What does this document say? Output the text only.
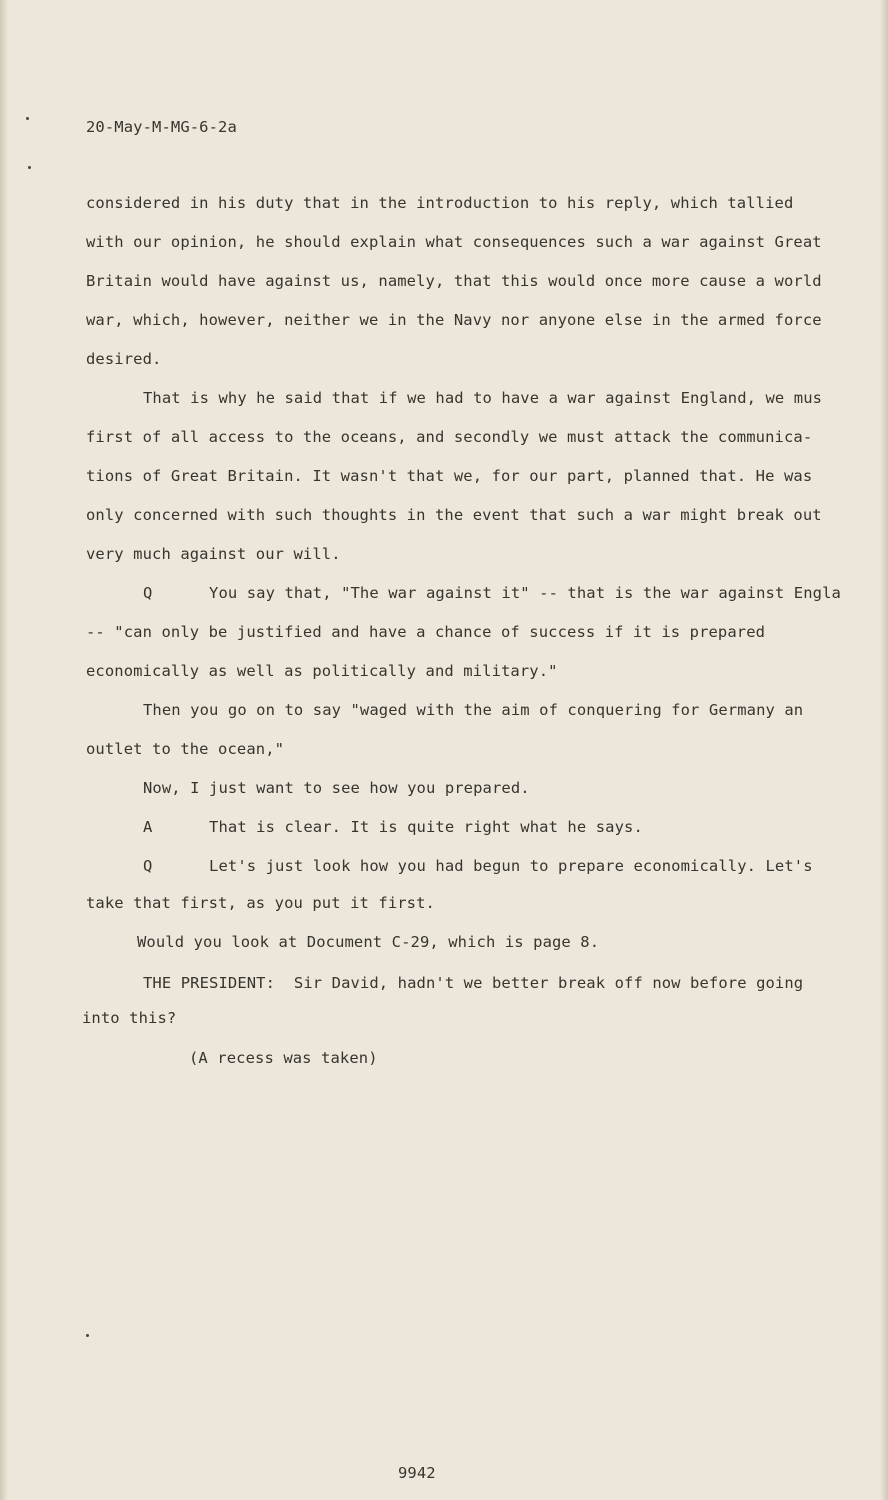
20-May-M-MG-6-2a
considered in his duty that in the introduction to his reply, which tallied
with our opinion, he should explain what consequences such a war against Great
Britain would have against us, namely, that this would once more cause a world
war, which, however, neither we in the Navy nor anyone else in the armed force
desired.
That is why he said that if we had to have a war against England, we mus
first of all access to the oceans, and secondly we must attack the communica-
tions of Great Britain. It wasn't that we, for our part, planned that. He was
only concerned with such thoughts in the event that such a war might break out
very much against our will.
Q      You say that, "The war against it" -- that is the war against Engla
-- "can only be justified and have a chance of success if it is prepared
economically as well as politically and military."
Then you go on to say "waged with the aim of conquering for Germany an
outlet to the ocean,"
Now, I just want to see how you prepared.
A      That is clear. It is quite right what he says.
Q      Let's just look how you had begun to prepare economically. Let's
take that first, as you put it first.
Would you look at Document C-29, which is page 8.
THE PRESIDENT:  Sir David, hadn't we better break off now before going
into this?
(A recess was taken)
9942
